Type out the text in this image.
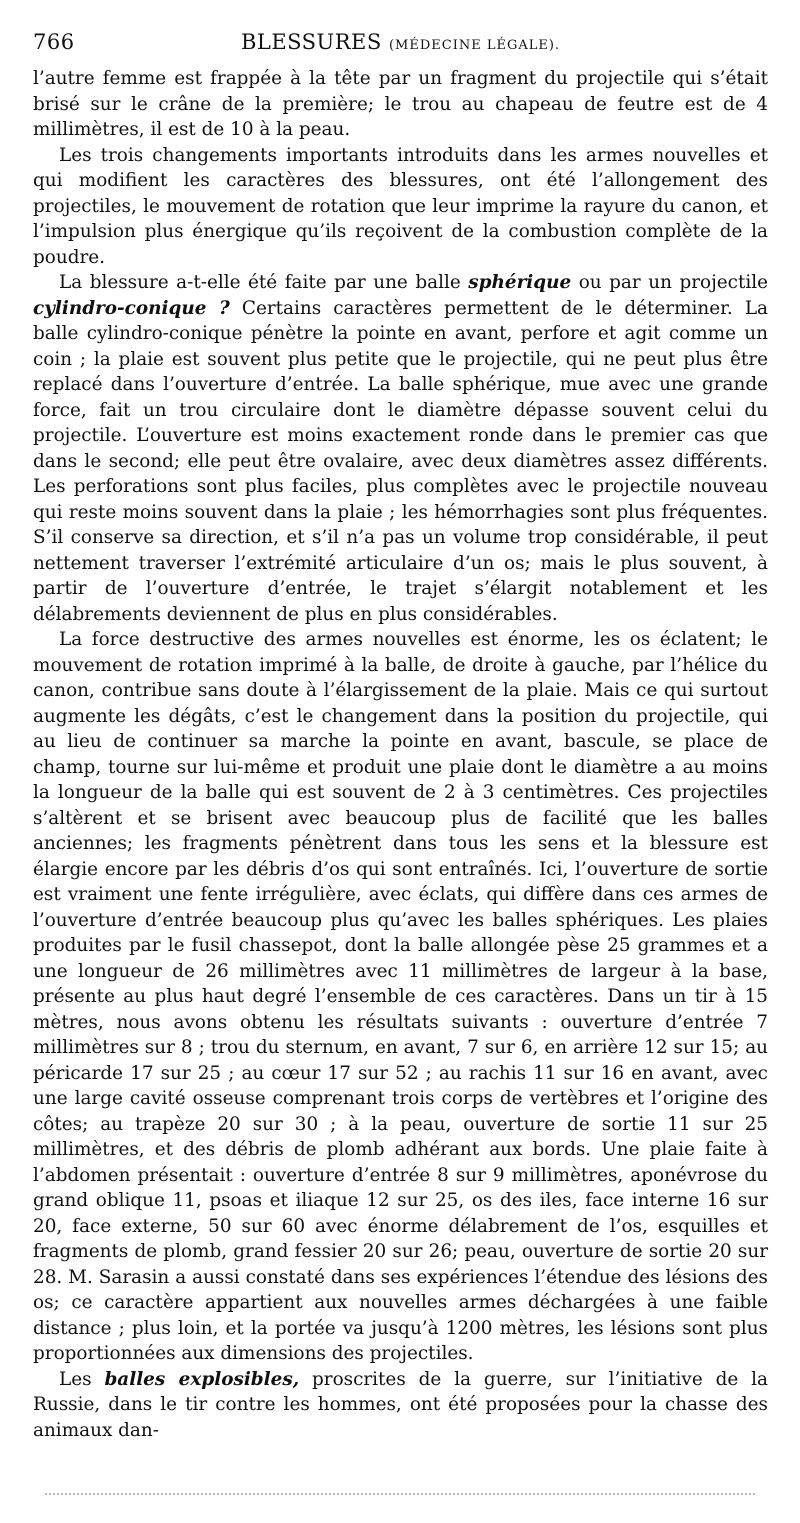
766	BLESSURES (MÉDECINE LÉGALE).

l’autre femme est frappée à la tête par un fragment du projectile qui s’était brisé sur le crâne de la première; le trou au chapeau de feutre est de 4 millimètres, il est de 10 à la peau.

Les trois changements importants introduits dans les armes nouvelles et qui modifient les caractères des blessures, ont été l’allongement des projectiles, le mouvement de rotation que leur imprime la rayure du canon, et l’impulsion plus énergique qu’ils reçoivent de la combustion complète de la poudre.

La blessure a-t-elle été faite par une balle sphérique ou par un projectile cylindro-conique ? Certains caractères permettent de le déterminer. La balle cylindro-conique pénètre la pointe en avant, perfore et agit comme un coin ; la plaie est souvent plus petite que le projectile, qui ne peut plus être replacé dans l’ouverture d’entrée. La balle sphérique, mue avec une grande force, fait un trou circulaire dont le diamètre dépasse souvent celui du projectile. L’ouverture est moins exactement ronde dans le premier cas que dans le second; elle peut être ovalaire, avec deux diamètres assez différents. Les perforations sont plus faciles, plus complètes avec le projectile nouveau qui reste moins souvent dans la plaie ; les hémorrhagies sont plus fréquentes. S’il conserve sa direction, et s’il n’a pas un volume trop considérable, il peut nettement traverser l’extrémité articulaire d’un os; mais le plus souvent, à partir de l’ouverture d’entrée, le trajet s’élargit notablement et les délabrements deviennent de plus en plus considérables.

La force destructive des armes nouvelles est énorme, les os éclatent; le mouvement de rotation imprimé à la balle, de droite à gauche, par l’hélice du canon, contribue sans doute à l’élargissement de la plaie. Mais ce qui surtout augmente les dégâts, c’est le changement dans la position du projectile, qui au lieu de continuer sa marche la pointe en avant, bascule, se place de champ, tourne sur lui-même et produit une plaie dont le diamètre a au moins la longueur de la balle qui est souvent de 2 à 3 centimètres. Ces projectiles s’altèrent et se brisent avec beaucoup plus de facilité que les balles anciennes; les fragments pénètrent dans tous les sens et la blessure est élargie encore par les débris d’os qui sont entraînés. Ici, l’ouverture de sortie est vraiment une fente irrégulière, avec éclats, qui diffère dans ces armes de l’ouverture d’entrée beaucoup plus qu’avec les balles sphériques. Les plaies produites par le fusil chassepot, dont la balle allongée pèse 25 grammes et a une longueur de 26 millimètres avec 11 millimètres de largeur à la base, présente au plus haut degré l’ensemble de ces caractères. Dans un tir à 15 mètres, nous avons obtenu les résultats suivants : ouverture d’entrée 7 millimètres sur 8 ; trou du sternum, en avant, 7 sur 6, en arrière 12 sur 15; au péricarde 17 sur 25 ; au cœur 17 sur 52 ; au rachis 11 sur 16 en avant, avec une large cavité osseuse comprenant trois corps de vertèbres et l’origine des côtes; au trapèze 20 sur 30 ; à la peau, ouverture de sortie 11 sur 25 millimètres, et des débris de plomb adhérant aux bords. Une plaie faite à l’abdomen présentait : ouverture d’entrée 8 sur 9 millimètres, aponévrose du grand oblique 11, psoas et iliaque 12 sur 25, os des iles, face interne 16 sur 20, face externe, 50 sur 60 avec énorme délabrement de l’os, esquilles et fragments de plomb, grand fessier 20 sur 26; peau, ouverture de sortie 20 sur 28. M. Sarasin a aussi constaté dans ses expériences l’étendue des lésions des os; ce caractère appartient aux nouvelles armes déchargées à une faible distance ; plus loin, et la portée va jusqu’à 1200 mètres, les lésions sont plus proportionnées aux dimensions des projectiles.

Les balles explosibles, proscrites de la guerre, sur l’initiative de la Russie, dans le tir contre les hommes, ont été proposées pour la chasse des animaux dan-
